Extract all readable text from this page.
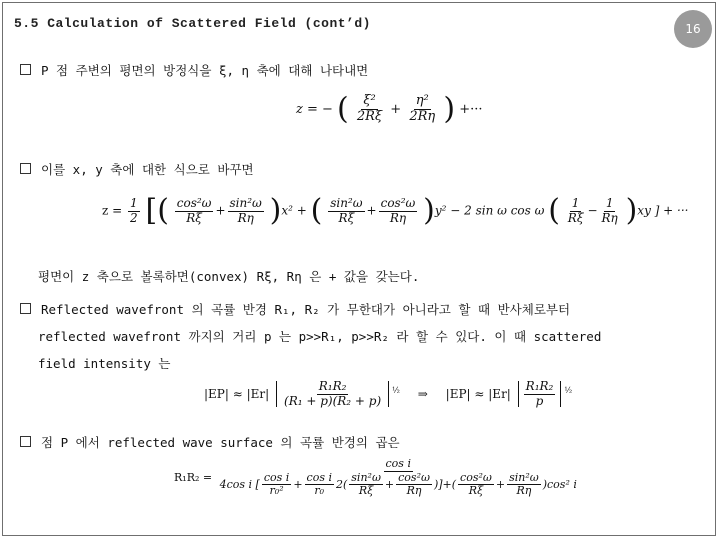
5.5 Calculation of Scattered Field (cont’d)	16
P 점 주변의 평면의 방정식을 ξ, η 축에 대해 나타내면
z = − ( $\frac{\text{ξ²}}{2R\xi} + \frac{\text{η²}}{2R\eta}$ ) +···
이를 x, y 축에 대한 식으로 바꾸면
$z = \frac{1}{2}$ [( $\frac{\text{cos²ω}}{R\xi} + \frac{\text{sin²ω}}{R\eta} )x^2$ + ( $\frac{\text{sin²ω}}{R\xi} + \frac{\text{cos²ω}}{R\eta} )y^2 - 2$ sin ω cos ω ( $\frac{1}{R\xi} - \frac{1}{R\eta} )xy$ ] + ···
평면이 z 축으로 볼록하면(convex) Rξ, Rη 은 + 값을 갖는다.
Reflected wavefront 의 곡률 반경 R₁, R₂ 가 무한대가 아니라고 할 때 반사체로부터
reflected wavefront 까지의 거리 p 는 p>>R₁, p>>R₂ 라 할 수 있다. 이 때 scattered
field intensity 는
$|EP| \approx |Er| \frac{\text{R₁R₂}}{\text{(R₁ + p)(R₂ + p)}} ^{\frac{1}{2}}$ ⇒ $|EP| \approx |Er| \frac{\text{R₁R₂}}{p} ^{\frac{1}{2}}$
점 P 에서 reflected wave surface 의 곡률 반경의 곱은
R₁R₂ =
cos i
4cos i [ $\frac{\text{cos i}}{\text{r₀²}} + \frac{\text{cos i}}{\text{r₀}} 2( \frac{\text{sin²ω}}{R\xi} + \frac{\text{cos²ω}}{R\eta}$ )]+( $\frac{\text{cos²ω}}{R\xi} + \frac{\text{sin²ω}}{R\eta} )\cos^2$ i
